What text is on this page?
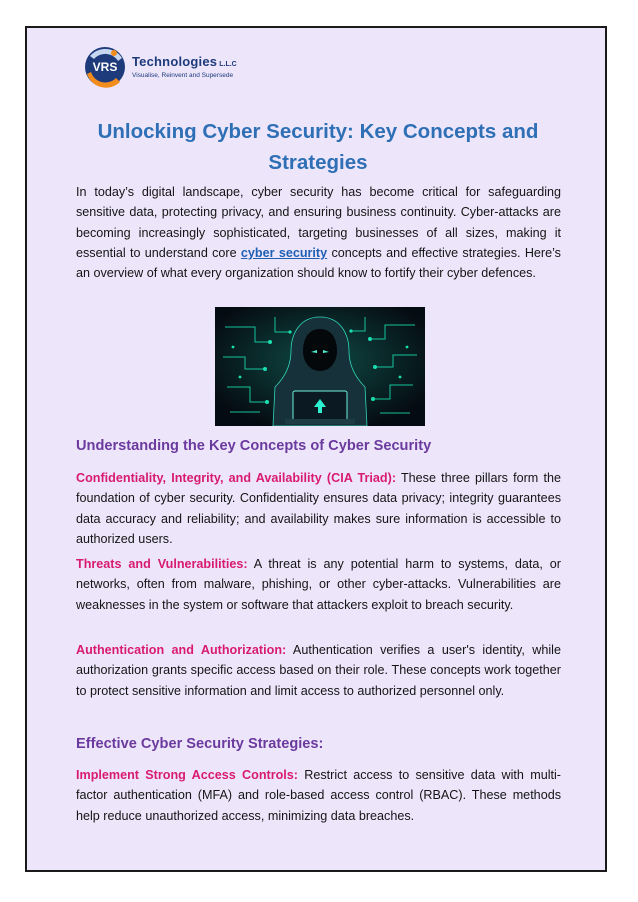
VRS Technologies L.L.C
Visualise, Reinvent and Supersede
Unlocking Cyber Security: Key Concepts and Strategies

In today’s digital landscape, cyber security has become critical for safeguarding sensitive data, protecting privacy, and ensuring business continuity. Cyber-attacks are becoming increasingly sophisticated, targeting businesses of all sizes, making it essential to understand core cyber security concepts and effective strategies. Here’s an overview of what every organization should know to fortify their cyber defences.

Understanding the Key Concepts of Cyber Security

Confidentiality, Integrity, and Availability (CIA Triad): These three pillars form the foundation of cyber security. Confidentiality ensures data privacy; integrity guarantees data accuracy and reliability; and availability makes sure information is accessible to authorized users.

Threats and Vulnerabilities: A threat is any potential harm to systems, data, or networks, often from malware, phishing, or other cyber-attacks. Vulnerabilities are weaknesses in the system or software that attackers exploit to breach security.

Authentication and Authorization: Authentication verifies a user's identity, while authorization grants specific access based on their role. These concepts work together to protect sensitive information and limit access to authorized personnel only.

Effective Cyber Security Strategies:

Implement Strong Access Controls: Restrict access to sensitive data with multi-factor authentication (MFA) and role-based access control (RBAC). These methods help reduce unauthorized access, minimizing data breaches.
